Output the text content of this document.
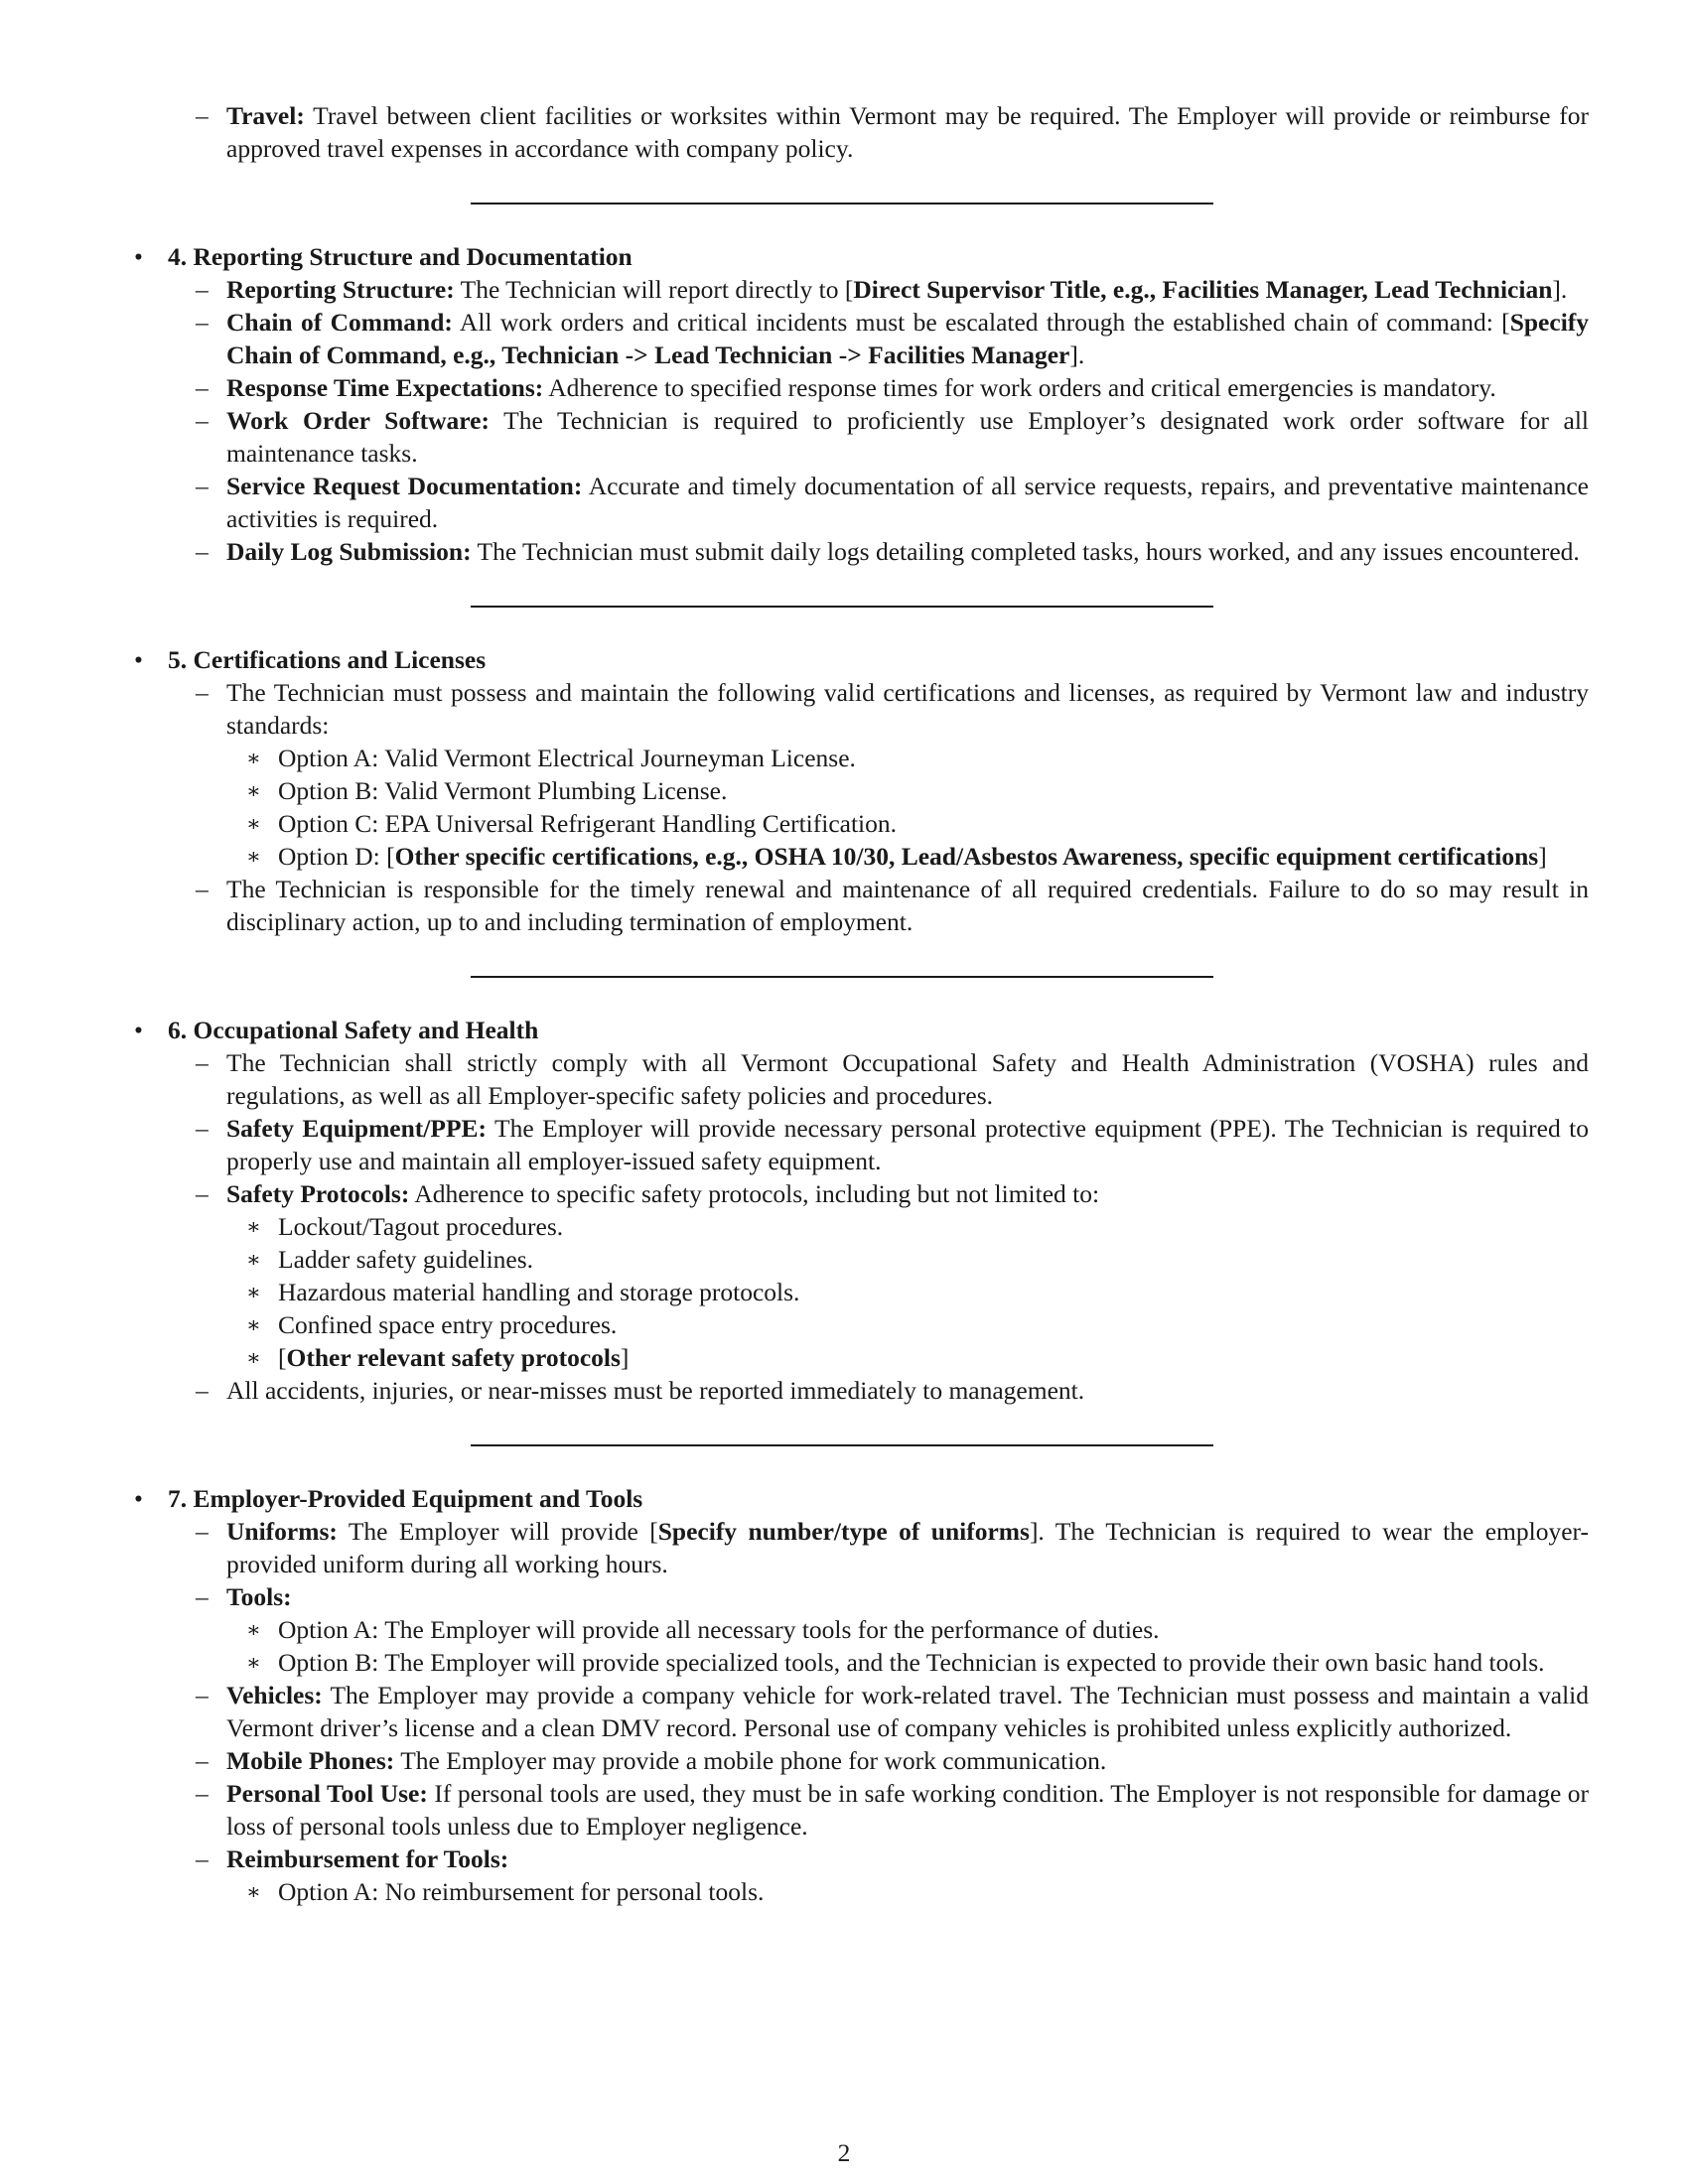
– Travel: Travel between client facilities or worksites within Vermont may be required. The Employer will provide or reimburse for approved travel expenses in accordance with company policy.
• 4. Reporting Structure and Documentation
– Reporting Structure: The Technician will report directly to [Direct Supervisor Title, e.g., Facilities Manager, Lead Technician].
– Chain of Command: All work orders and critical incidents must be escalated through the established chain of command: [Specify Chain of Command, e.g., Technician -> Lead Technician -> Facilities Manager].
– Response Time Expectations: Adherence to specified response times for work orders and critical emergencies is mandatory.
– Work Order Software: The Technician is required to proficiently use Employer’s designated work order software for all maintenance tasks.
– Service Request Documentation: Accurate and timely documentation of all service requests, repairs, and preventative maintenance activities is required.
– Daily Log Submission: The Technician must submit daily logs detailing completed tasks, hours worked, and any issues encountered.
• 5. Certifications and Licenses
– The Technician must possess and maintain the following valid certifications and licenses, as required by Vermont law and industry standards:
∗ Option A: Valid Vermont Electrical Journeyman License.
∗ Option B: Valid Vermont Plumbing License.
∗ Option C: EPA Universal Refrigerant Handling Certification.
∗ Option D: [Other specific certifications, e.g., OSHA 10/30, Lead/Asbestos Awareness, specific equipment certifications]
– The Technician is responsible for the timely renewal and maintenance of all required credentials. Failure to do so may result in disciplinary action, up to and including termination of employment.
• 6. Occupational Safety and Health
– The Technician shall strictly comply with all Vermont Occupational Safety and Health Administration (VOSHA) rules and regulations, as well as all Employer-specific safety policies and procedures.
– Safety Equipment/PPE: The Employer will provide necessary personal protective equipment (PPE). The Technician is required to properly use and maintain all employer-issued safety equipment.
– Safety Protocols: Adherence to specific safety protocols, including but not limited to:
∗ Lockout/Tagout procedures.
∗ Ladder safety guidelines.
∗ Hazardous material handling and storage protocols.
∗ Confined space entry procedures.
∗ [Other relevant safety protocols]
– All accidents, injuries, or near-misses must be reported immediately to management.
• 7. Employer-Provided Equipment and Tools
– Uniforms: The Employer will provide [Specify number/type of uniforms]. The Technician is required to wear the employer-provided uniform during all working hours.
– Tools:
∗ Option A: The Employer will provide all necessary tools for the performance of duties.
∗ Option B: The Employer will provide specialized tools, and the Technician is expected to provide their own basic hand tools.
– Vehicles: The Employer may provide a company vehicle for work-related travel. The Technician must possess and maintain a valid Vermont driver’s license and a clean DMV record. Personal use of company vehicles is prohibited unless explicitly authorized.
– Mobile Phones: The Employer may provide a mobile phone for work communication.
– Personal Tool Use: If personal tools are used, they must be in safe working condition. The Employer is not responsible for damage or loss of personal tools unless due to Employer negligence.
– Reimbursement for Tools:
∗ Option A: No reimbursement for personal tools.
2
